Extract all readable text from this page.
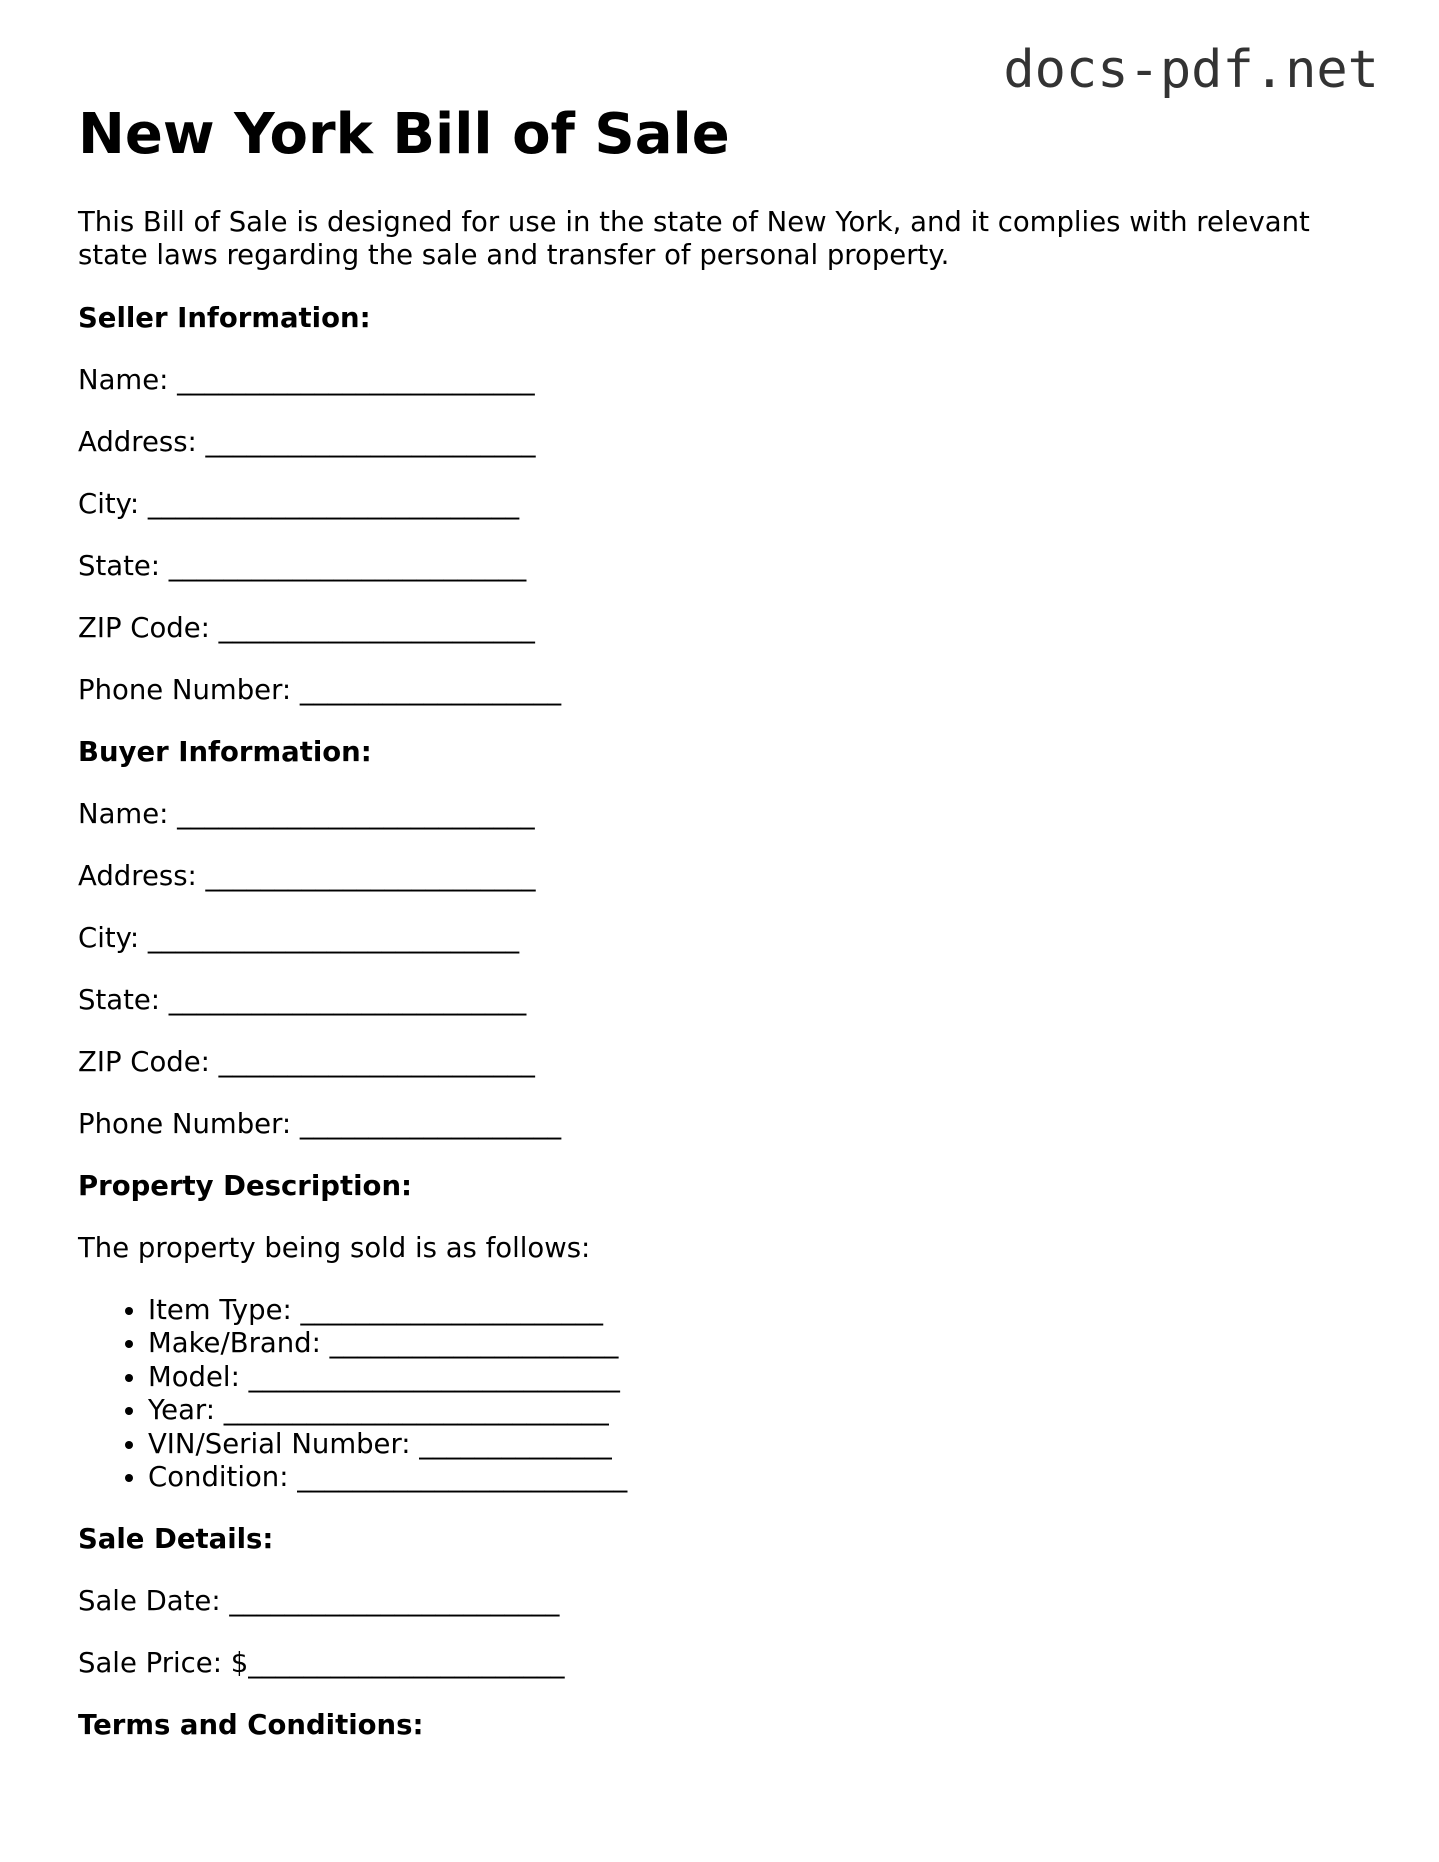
docs-pdf.net
New York Bill of Sale

This Bill of Sale is designed for use in the state of New York, and it complies with relevant state laws regarding the sale and transfer of personal property.

Seller Information:
Name: __________________________
Address: ________________________
City: ___________________________
State: __________________________
ZIP Code: _______________________
Phone Number: ___________________
Buyer Information:
Name: __________________________
Address: ________________________
City: ___________________________
State: __________________________
ZIP Code: _______________________
Phone Number: ___________________
Property Description:
The property being sold is as follows:
• Item Type: ______________________
• Make/Brand: _____________________
• Model: ___________________________
• Year: ____________________________
• VIN/Serial Number: ______________
• Condition: ________________________
Sale Details:
Sale Date: ________________________
Sale Price: $_______________________
Terms and Conditions:
